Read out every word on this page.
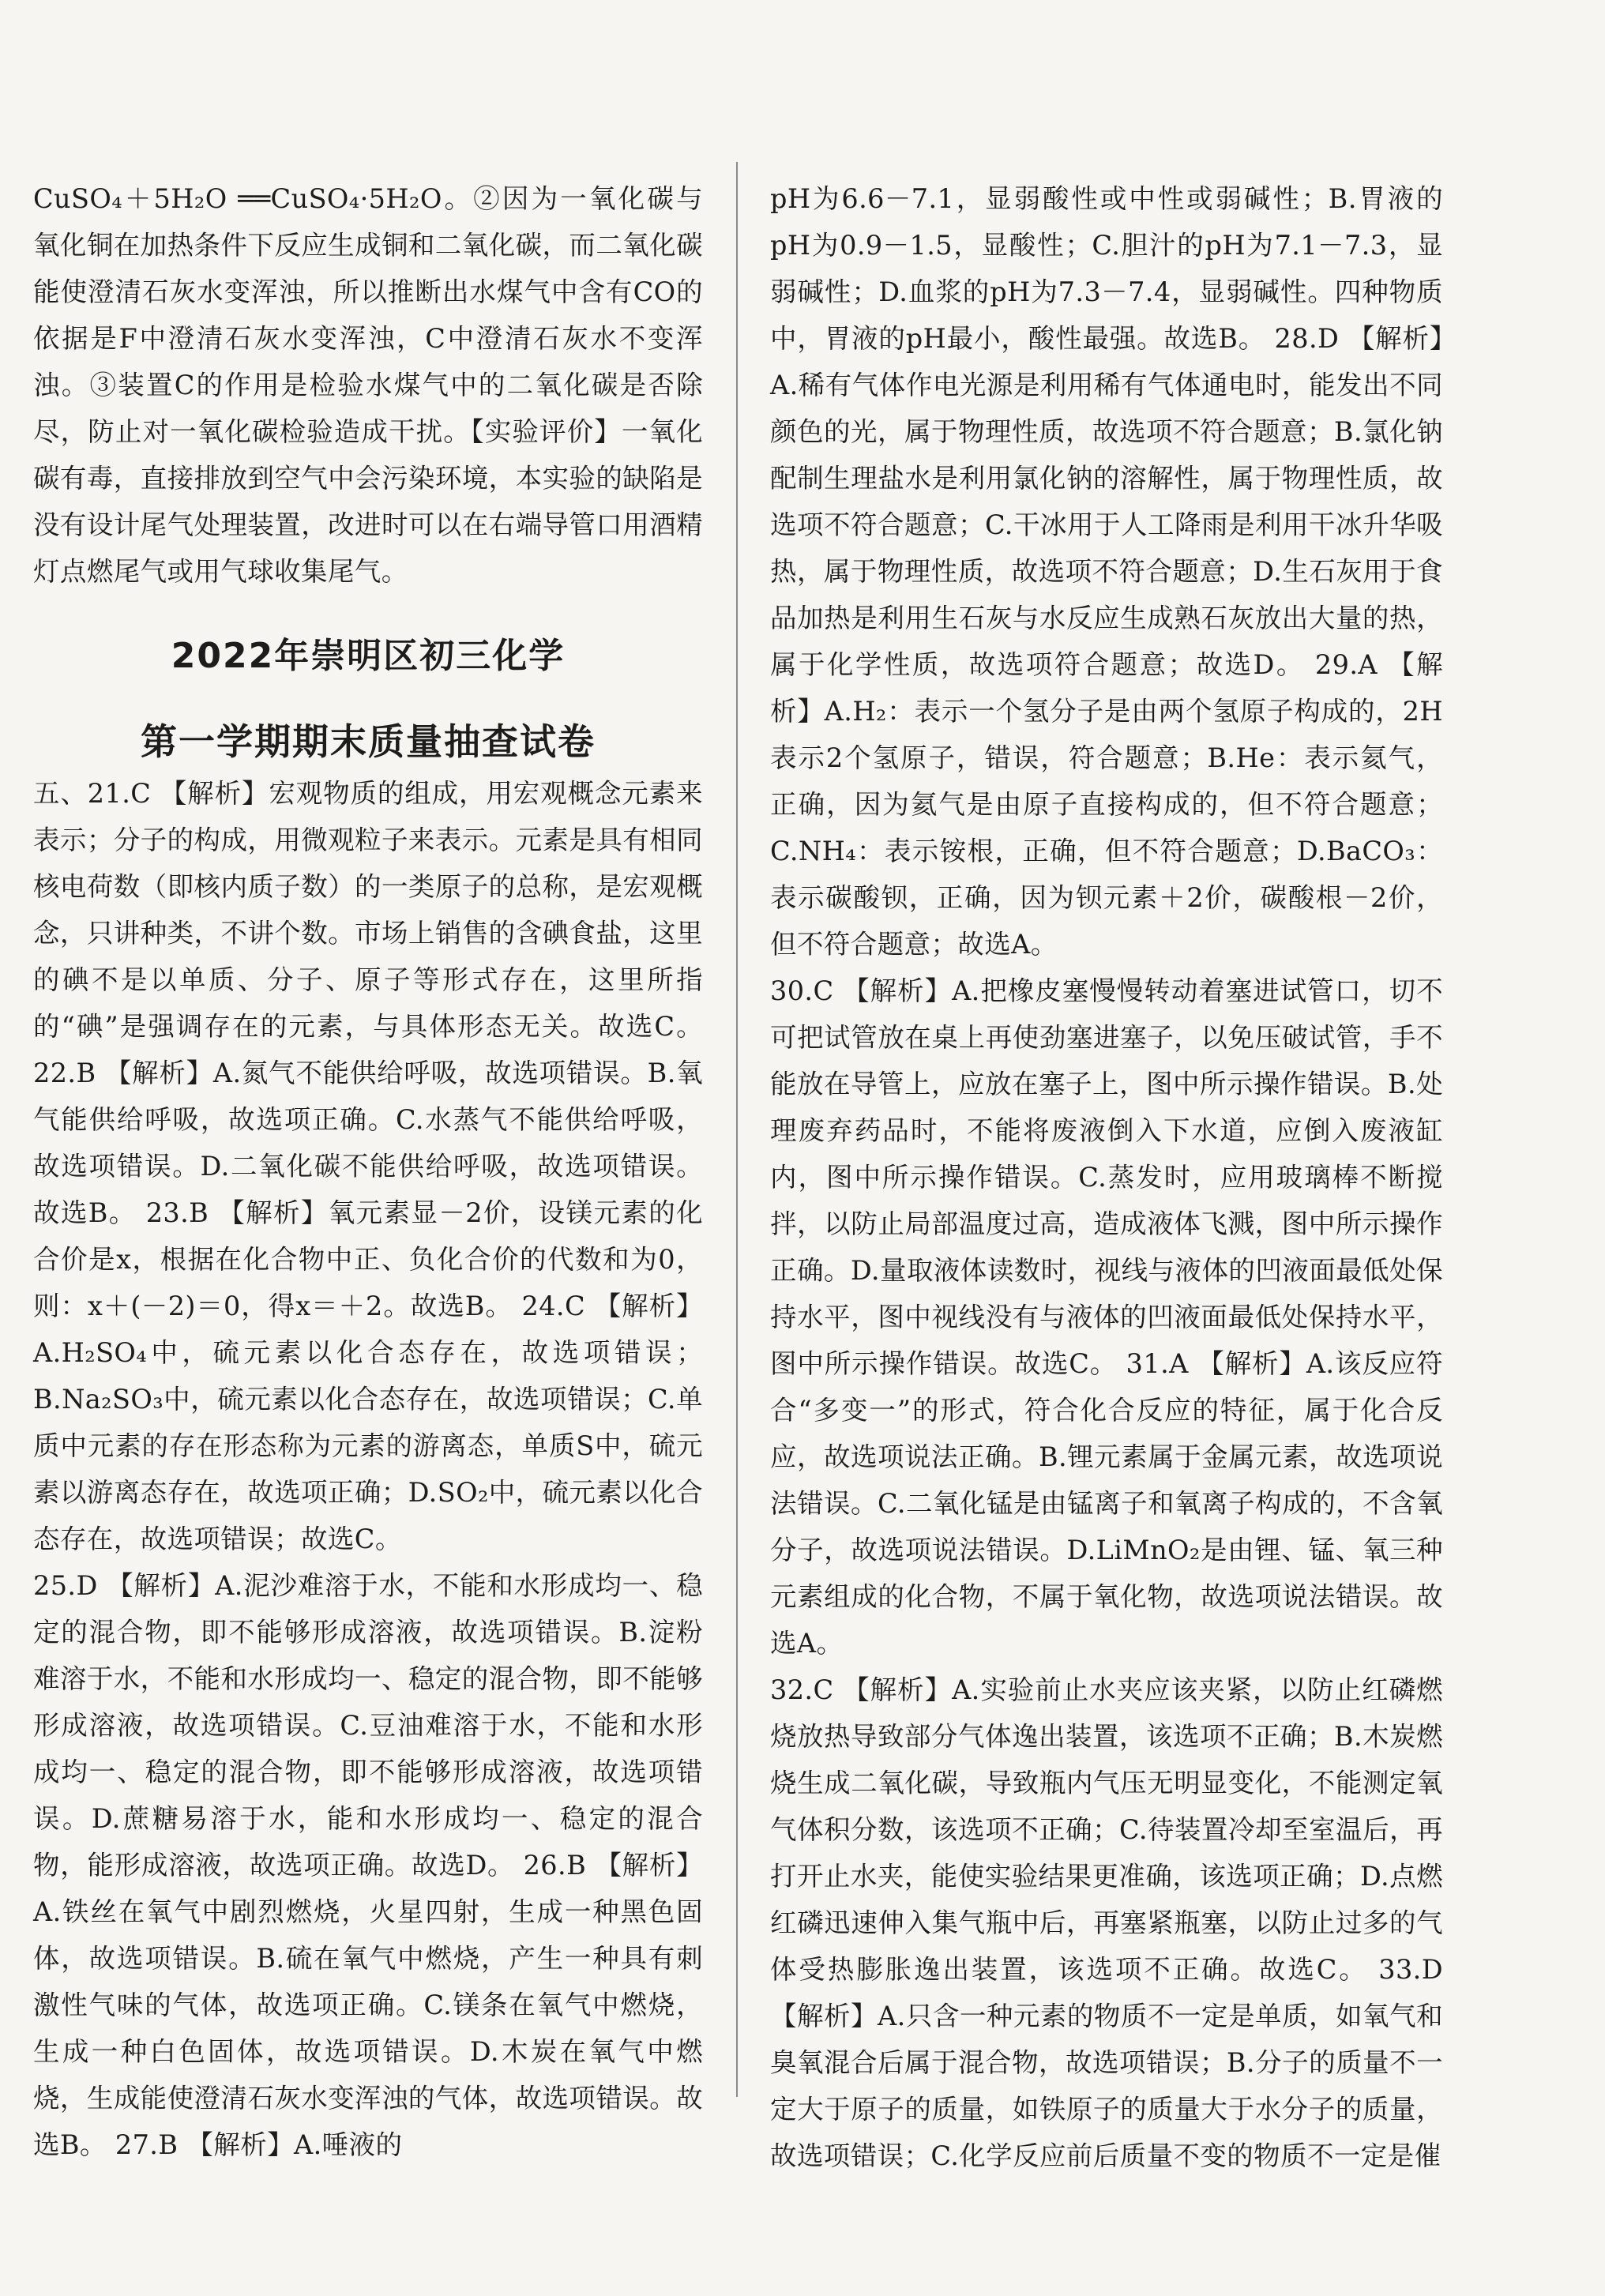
CuSO₄＋5H₂O ══CuSO₄·5H₂O。②因为一氧化碳与氧化铜在加热条件下反应生成铜和二氧化碳，而二氧化碳能使澄清石灰水变浑浊，所以推断出水煤气中含有CO的依据是F中澄清石灰水变浑浊，C中澄清石灰水不变浑浊。③装置C的作用是检验水煤气中的二氧化碳是否除尽，防止对一氧化碳检验造成干扰。【实验评价】一氧化碳有毒，直接排放到空气中会污染环境，本实验的缺陷是没有设计尾气处理装置，改进时可以在右端导管口用酒精灯点燃尾气或用气球收集尾气。

2022年崇明区初三化学
第一学期期末质量抽查试卷

五、21.C 【解析】宏观物质的组成，用宏观概念元素来表示；分子的构成，用微观粒子来表示。元素是具有相同核电荷数（即核内质子数）的一类原子的总称，是宏观概念，只讲种类，不讲个数。市场上销售的含碘食盐，这里的碘不是以单质、分子、原子等形式存在，这里所指的“碘”是强调存在的元素，与具体形态无关。故选C。 22.B 【解析】A.氮气不能供给呼吸，故选项错误。B.氧气能供给呼吸，故选项正确。C.水蒸气不能供给呼吸，故选项错误。D.二氧化碳不能供给呼吸，故选项错误。故选B。 23.B 【解析】氧元素显－2价，设镁元素的化合价是x，根据在化合物中正、负化合价的代数和为0，则：x＋(－2)＝0，得x＝＋2。故选B。 24.C 【解析】A.H₂SO₄中，硫元素以化合态存在，故选项错误；B.Na₂SO₃中，硫元素以化合态存在，故选项错误；C.单质中元素的存在形态称为元素的游离态，单质S中，硫元素以游离态存在，故选项正确；D.SO₂中，硫元素以化合态存在，故选项错误；故选C。

25.D 【解析】A.泥沙难溶于水，不能和水形成均一、稳定的混合物，即不能够形成溶液，故选项错误。B.淀粉难溶于水，不能和水形成均一、稳定的混合物，即不能够形成溶液，故选项错误。C.豆油难溶于水，不能和水形成均一、稳定的混合物，即不能够形成溶液，故选项错误。D.蔗糖易溶于水，能和水形成均一、稳定的混合物，能形成溶液，故选项正确。故选D。 26.B 【解析】A.铁丝在氧气中剧烈燃烧，火星四射，生成一种黑色固体，故选项错误。B.硫在氧气中燃烧，产生一种具有刺激性气味的气体，故选项正确。C.镁条在氧气中燃烧，生成一种白色固体，故选项错误。D.木炭在氧气中燃烧，生成能使澄清石灰水变浑浊的气体，故选项错误。故选B。 27.B 【解析】A.唾液的

pH为6.6－7.1，显弱酸性或中性或弱碱性；B.胃液的pH为0.9－1.5，显酸性；C.胆汁的pH为7.1－7.3，显弱碱性；D.血浆的pH为7.3－7.4，显弱碱性。四种物质中，胃液的pH最小，酸性最强。故选B。 28.D 【解析】A.稀有气体作电光源是利用稀有气体通电时，能发出不同颜色的光，属于物理性质，故选项不符合题意；B.氯化钠配制生理盐水是利用氯化钠的溶解性，属于物理性质，故选项不符合题意；C.干冰用于人工降雨是利用干冰升华吸热，属于物理性质，故选项不符合题意；D.生石灰用于食品加热是利用生石灰与水反应生成熟石灰放出大量的热，属于化学性质，故选项符合题意；故选D。 29.A 【解析】A.H₂：表示一个氢分子是由两个氢原子构成的，2H表示2个氢原子，错误，符合题意；B.He：表示氦气，正确，因为氦气是由原子直接构成的，但不符合题意；C.NH₄：表示铵根，正确，但不符合题意；D.BaCO₃：表示碳酸钡，正确，因为钡元素＋2价，碳酸根－2价，但不符合题意；故选A。

30.C 【解析】A.把橡皮塞慢慢转动着塞进试管口，切不可把试管放在桌上再使劲塞进塞子，以免压破试管，手不能放在导管上，应放在塞子上，图中所示操作错误。B.处理废弃药品时，不能将废液倒入下水道，应倒入废液缸内，图中所示操作错误。C.蒸发时，应用玻璃棒不断搅拌，以防止局部温度过高，造成液体飞溅，图中所示操作正确。D.量取液体读数时，视线与液体的凹液面最低处保持水平，图中视线没有与液体的凹液面最低处保持水平，图中所示操作错误。故选C。 31.A 【解析】A.该反应符合“多变一”的形式，符合化合反应的特征，属于化合反应，故选项说法正确。B.锂元素属于金属元素，故选项说法错误。C.二氧化锰是由锰离子和氧离子构成的，不含氧分子，故选项说法错误。D.LiMnO₂是由锂、锰、氧三种元素组成的化合物，不属于氧化物，故选项说法错误。故选A。

32.C 【解析】A.实验前止水夹应该夹紧，以防止红磷燃烧放热导致部分气体逸出装置，该选项不正确；B.木炭燃烧生成二氧化碳，导致瓶内气压无明显变化，不能测定氧气体积分数，该选项不正确；C.待装置冷却至室温后，再打开止水夹，能使实验结果更准确，该选项正确；D.点燃红磷迅速伸入集气瓶中后，再塞紧瓶塞，以防止过多的气体受热膨胀逸出装置，该选项不正确。故选C。 33.D 【解析】A.只含一种元素的物质不一定是单质，如氧气和臭氧混合后属于混合物，故选项错误；B.分子的质量不一定大于原子的质量，如铁原子的质量大于水分子的质量，故选项错误；C.化学反应前后质量不变的物质不一定是催
